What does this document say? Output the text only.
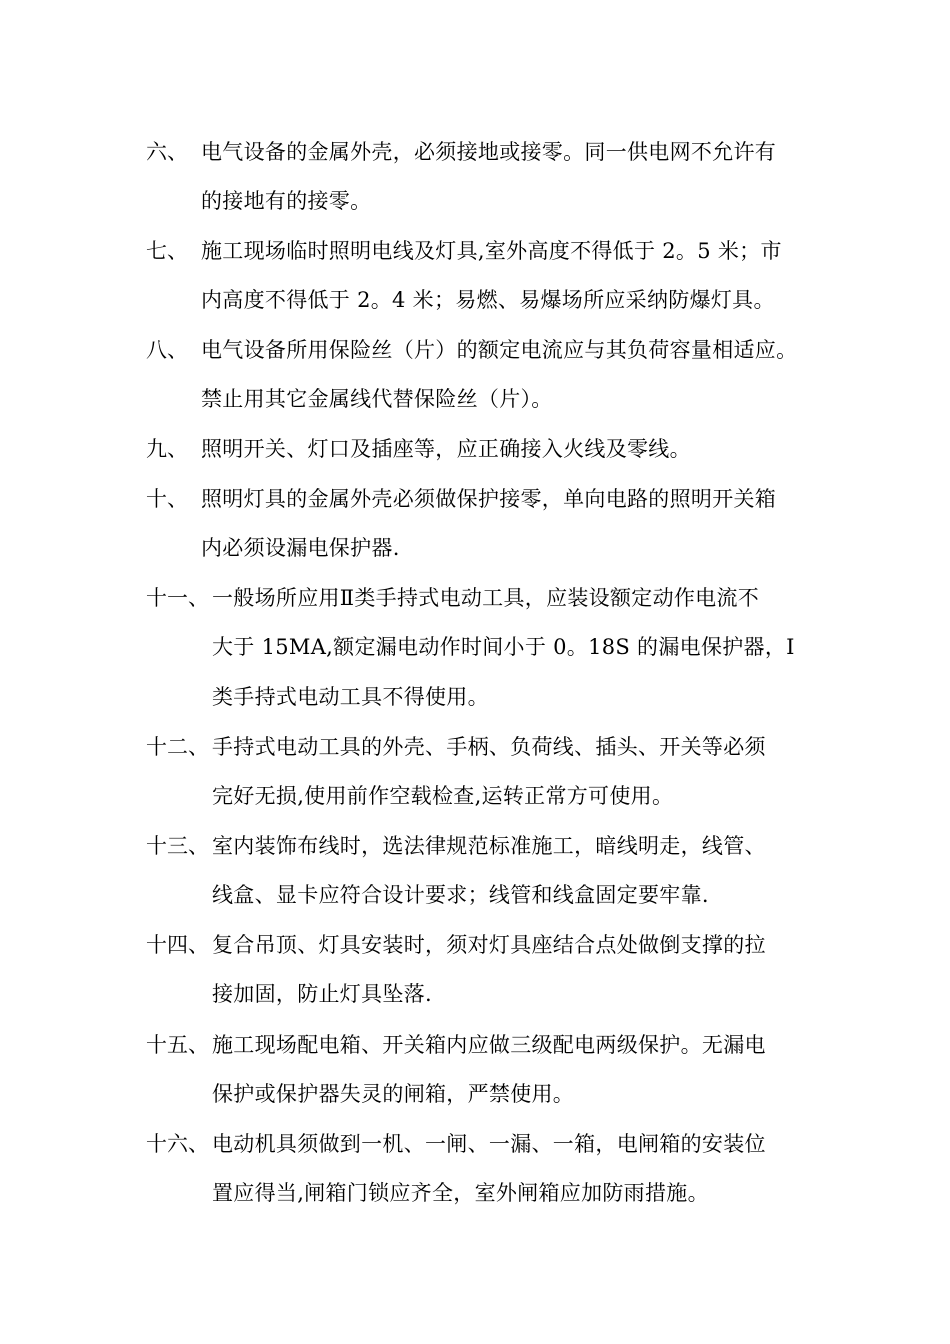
六、 电气设备的金属外壳，必须接地或接零。同一供电网不允许有
的接地有的接零。
七、 施工现场临时照明电线及灯具,室外高度不得低于 2。5 米；市
内高度不得低于 2。4 米；易燃、易爆场所应采纳防爆灯具。
八、 电气设备所用保险丝（片）的额定电流应与其负荷容量相适应。
禁止用其它金属线代替保险丝（片）。
九、 照明开关、灯口及插座等，应正确接入火线及零线。
十、 照明灯具的金属外壳必须做保护接零，单向电路的照明开关箱
内必须设漏电保护器.
十一、 一般场所应用Ⅱ类手持式电动工具，应装设额定动作电流不
大于 15MA,额定漏电动作时间小于 0。18S 的漏电保护器，Ⅰ
类手持式电动工具不得使用。
十二、 手持式电动工具的外壳、手柄、负荷线、插头、开关等必须
完好无损,使用前作空载检查,运转正常方可使用。
十三、 室内装饰布线时，选法律规范标准施工，暗线明走，线管、
线盒、显卡应符合设计要求；线管和线盒固定要牢靠.
十四、 复合吊顶、灯具安装时，须对灯具座结合点处做倒支撑的拉
接加固，防止灯具坠落.
十五、 施工现场配电箱、开关箱内应做三级配电两级保护。无漏电
保护或保护器失灵的闸箱，严禁使用。
十六、 电动机具须做到一机、一闸、一漏、一箱，电闸箱的安装位
置应得当,闸箱门锁应齐全，室外闸箱应加防雨措施。
